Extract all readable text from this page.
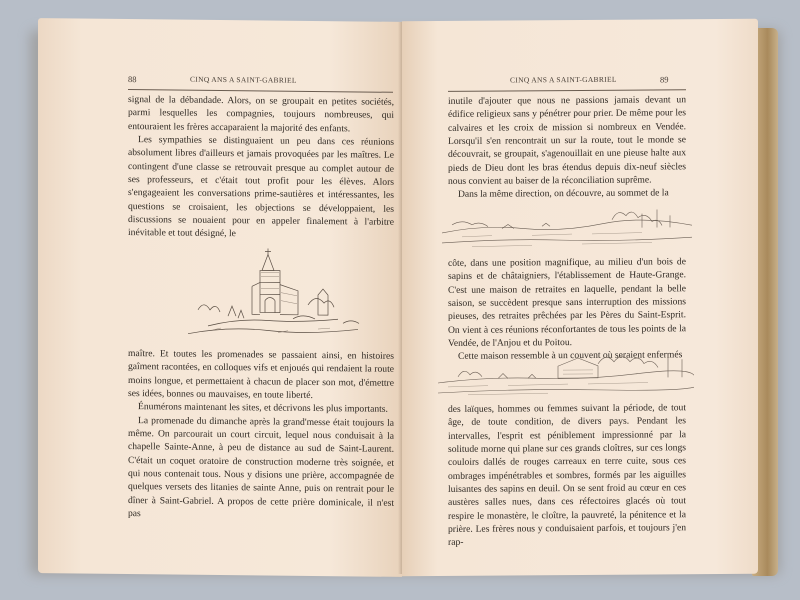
88	CINQ ANS A SAINT-GABRIEL

signal de la débandade. Alors, on se groupait en petites sociétés, parmi lesquelles les compagnies, toujours nombreuses, qui entouraient les frères accaparaient la majorité des enfants.

Les sympathies se distinguaient un peu dans ces réunions absolument libres d'ailleurs et jamais provoquées par les maîtres. Le contingent d'une classe se retrouvait presque au complet autour de ses professeurs, et c'était tout profit pour les élèves. Alors s'engageaient les conversations prime-sautières et intéressantes, les questions se croisaient, les objections se développaient, les discussions se nouaient pour en appeler finalement à l'arbitre inévitable et tout désigné, le

maître. Et toutes les promenades se passaient ainsi, en histoires gaîment racontées, en colloques vifs et enjoués qui rendaient la route moins longue, et permettaient à chacun de placer son mot, d'émettre ses idées, bonnes ou mauvaises, en toute liberté.

Énumérons maintenant les sites, et décrivons les plus importants.

La promenade du dimanche après la grand'messe était toujours la même. On parcourait un court circuit, lequel nous conduisait à la chapelle Sainte-Anne, à peu de distance au sud de Saint-Laurent. C'était un coquet oratoire de construction moderne très soignée, et qui nous contenait tous. Nous y disions une prière, accompagnée de quelques versets des litanies de sainte Anne, puis on rentrait pour le dîner à Saint-Gabriel. A propos de cette prière dominicale, il n'est pas

CINQ ANS A SAINT-GABRIEL	89

inutile d'ajouter que nous ne passions jamais devant un édifice religieux sans y pénétrer pour prier. De même pour les calvaires et les croix de mission si nombreux en Vendée. Lorsqu'il s'en rencontrait un sur la route, tout le monde se découvrait, se groupait, s'agenouillait en une pieuse halte aux pieds de Dieu dont les bras étendus depuis dix-neuf siècles nous convient au baiser de la réconciliation suprême.

Dans la même direction, on découvre, au sommet de la

côte, dans une position magnifique, au milieu d'un bois de sapins et de châtaigniers, l'établissement de Haute-Grange. C'est une maison de retraites en laquelle, pendant la belle saison, se succèdent presque sans interruption des missions pieuses, des retraites prêchées par les Pères du Saint-Esprit. On vient à ces réunions réconfortantes de tous les points de la Vendée, de l'Anjou et du Poitou.

Cette maison ressemble à un couvent où seraient enfermés

des laïques, hommes ou femmes suivant la période, de tout âge, de toute condition, de divers pays. Pendant les intervalles, l'esprit est péniblement impressionné par la solitude morne qui plane sur ces grands cloîtres, sur ces longs couloirs dallés de rouges carreaux en terre cuite, sous ces ombrages impénétrables et sombres, formés par les aiguilles luisantes des sapins en deuil. On se sent froid au cœur en ces austères salles nues, dans ces réfectoires glacés où tout respire le monastère, le cloître, la pauvreté, la pénitence et la prière. Les frères nous y conduisaient parfois, et toujours j'en rap-
